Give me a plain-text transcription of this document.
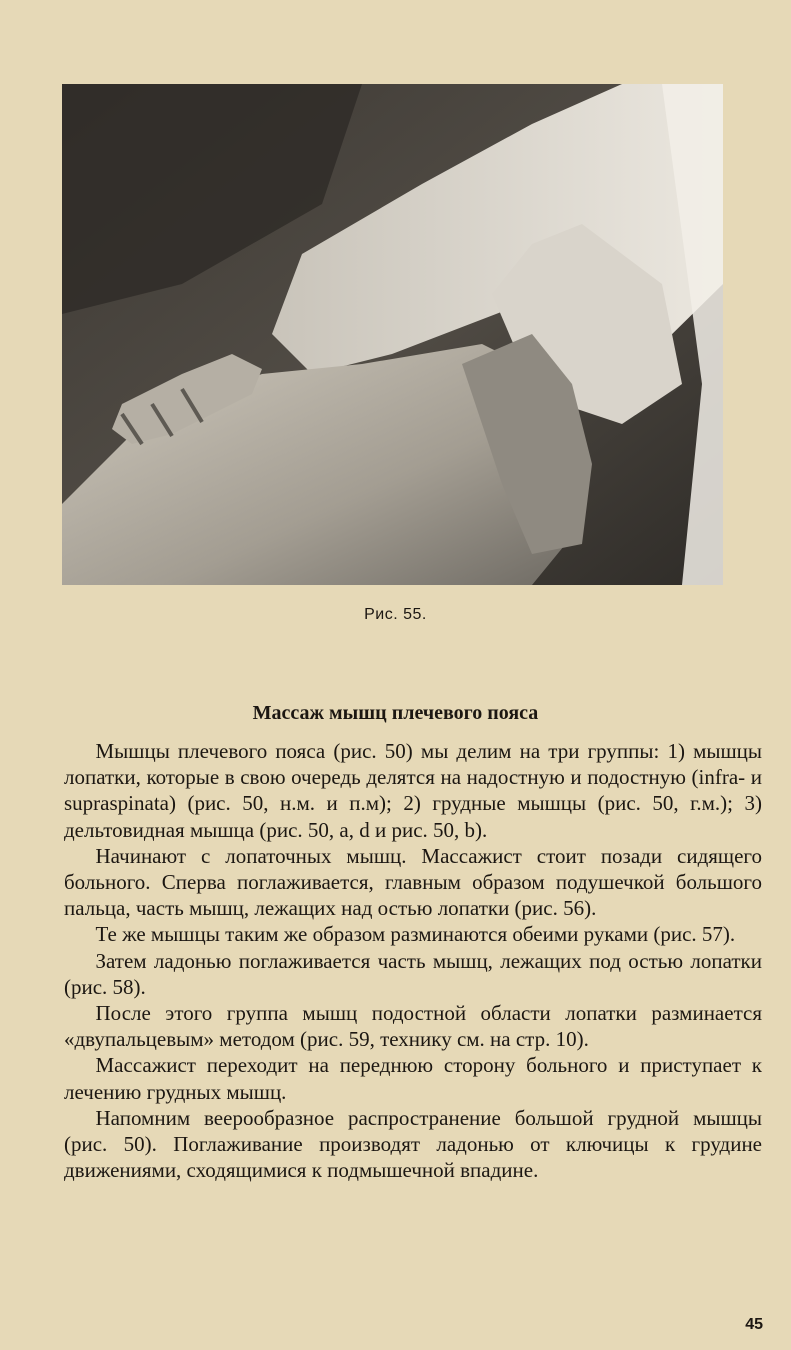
Рис. 55.
Массаж мышц плечевого пояса

Мышцы плечевого пояса (рис. 50) мы делим на три группы: 1) мышцы лопатки, которые в свою очередь делятся на надостную и подостную (infra- и supraspinata) (рис. 50, н.м. и п.м); 2) грудные мышцы (рис. 50, г.м.); 3) дельтовидная мышца (рис. 50, a, d и рис. 50, b).

Начинают с лопаточных мышц. Массажист стоит позади сидящего больного. Сперва поглаживается, главным образом подушечкой большого пальца, часть мышц, лежащих над остью лопатки (рис. 56).

Те же мышцы таким же образом разминаются обеими руками (рис. 57).

Затем ладонью поглаживается часть мышц, лежащих под остью лопатки (рис. 58).

После этого группа мышц подостной области лопатки разминается «двупальцевым» методом (рис. 59, технику см. на стр. 10).

Массажист переходит на переднюю сторону больного и приступает к лечению грудных мышц.

Напомним веерообразное распространение большой грудной мышцы (рис. 50). Поглаживание производят ладонью от ключицы к грудине движениями, сходящимися к подмышечной впадине.

45
